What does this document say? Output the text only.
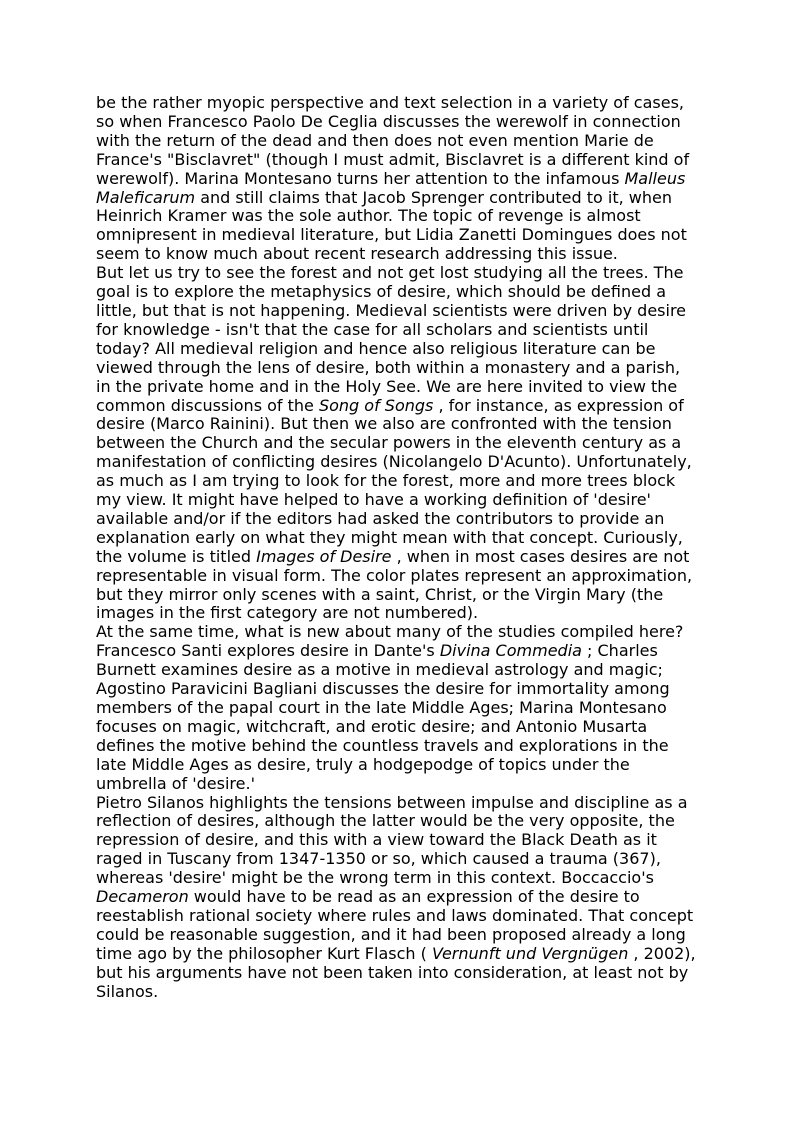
be the rather myopic perspective and text selection in a variety of cases,
so when Francesco Paolo De Ceglia discusses the werewolf in connection
with the return of the dead and then does not even mention Marie de
France's "Bisclavret" (though I must admit, Bisclavret is a different kind of
werewolf). Marina Montesano turns her attention to the infamous Malleus
Maleficarum and still claims that Jacob Sprenger contributed to it, when
Heinrich Kramer was the sole author. The topic of revenge is almost
omnipresent in medieval literature, but Lidia Zanetti Domingues does not
seem to know much about recent research addressing this issue.

But let us try to see the forest and not get lost studying all the trees. The
goal is to explore the metaphysics of desire, which should be defined a
little, but that is not happening. Medieval scientists were driven by desire
for knowledge - isn't that the case for all scholars and scientists until
today? All medieval religion and hence also religious literature can be
viewed through the lens of desire, both within a monastery and a parish,
in the private home and in the Holy See. We are here invited to view the
common discussions of the Song of Songs , for instance, as expression of
desire (Marco Rainini). But then we also are confronted with the tension
between the Church and the secular powers in the eleventh century as a
manifestation of conflicting desires (Nicolangelo D'Acunto). Unfortunately,
as much as I am trying to look for the forest, more and more trees block
my view. It might have helped to have a working definition of 'desire'
available and/or if the editors had asked the contributors to provide an
explanation early on what they might mean with that concept. Curiously,
the volume is titled Images of Desire , when in most cases desires are not
representable in visual form. The color plates represent an approximation,
but they mirror only scenes with a saint, Christ, or the Virgin Mary (the
images in the first category are not numbered).

At the same time, what is new about many of the studies compiled here?
Francesco Santi explores desire in Dante's Divina Commedia ; Charles
Burnett examines desire as a motive in medieval astrology and magic;
Agostino Paravicini Bagliani discusses the desire for immortality among
members of the papal court in the late Middle Ages; Marina Montesano
focuses on magic, witchcraft, and erotic desire; and Antonio Musarta
defines the motive behind the countless travels and explorations in the
late Middle Ages as desire, truly a hodgepodge of topics under the
umbrella of 'desire.'

Pietro Silanos highlights the tensions between impulse and discipline as a
reflection of desires, although the latter would be the very opposite, the
repression of desire, and this with a view toward the Black Death as it
raged in Tuscany from 1347-1350 or so, which caused a trauma (367),
whereas 'desire' might be the wrong term in this context. Boccaccio's
Decameron would have to be read as an expression of the desire to
reestablish rational society where rules and laws dominated. That concept
could be reasonable suggestion, and it had been proposed already a long
time ago by the philosopher Kurt Flasch ( Vernunft und Vergnügen , 2002),
but his arguments have not been taken into consideration, at least not by
Silanos.
